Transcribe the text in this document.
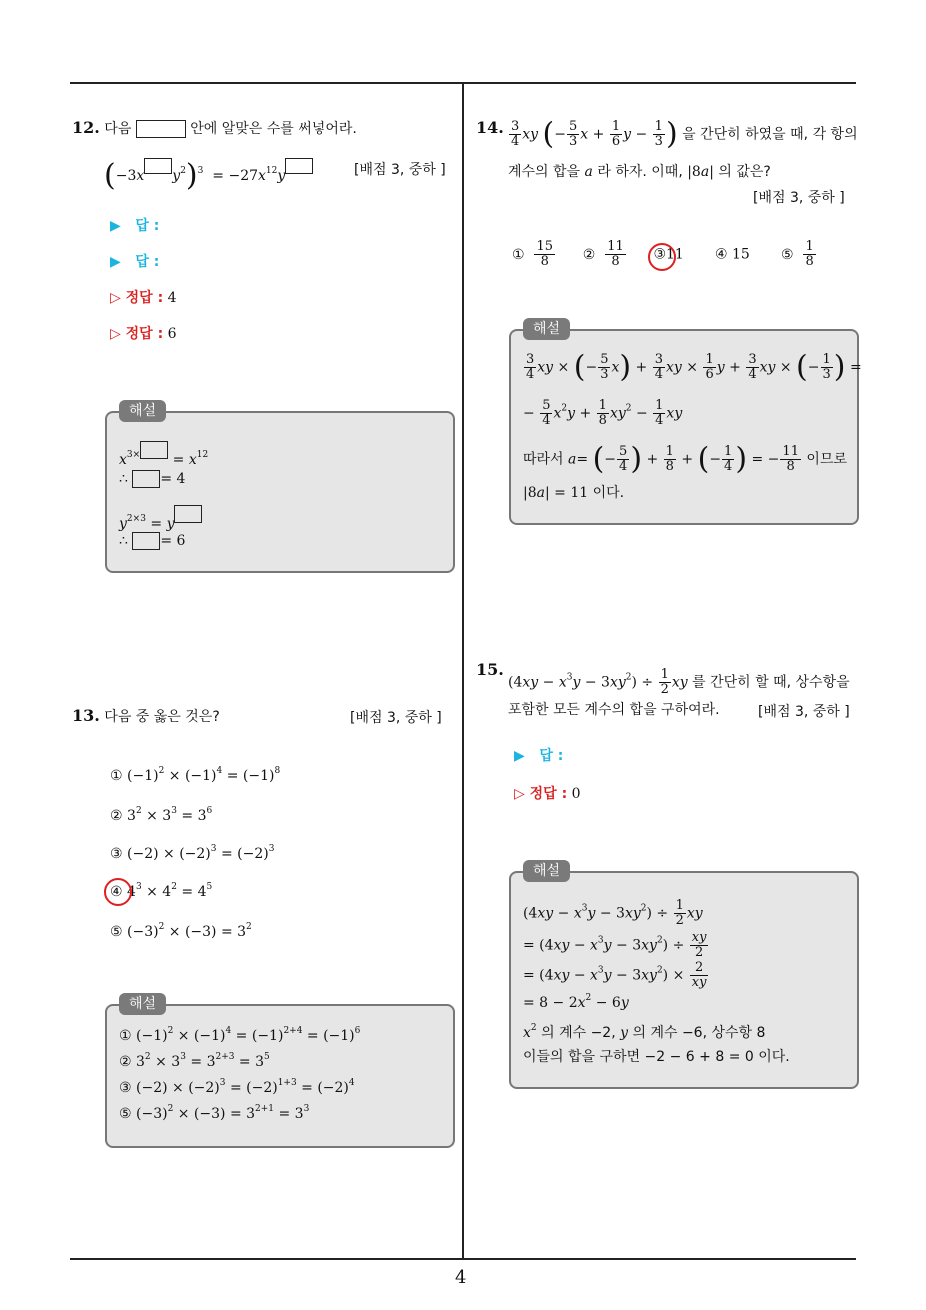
4
12. 다음	안에 알맞은 수를 써넣어라.
(−3x $y^2)^3 = -27x^{12}y$	[배점 3, 중하 ]
▶   답 :
▶   답 :
▷ 정답 : 4
▷ 정답 : 6
해설
$x^{3\times} = x^{12}$
∴ = 4
$y^{2\times 3} = y$
∴ = 6
13. 다음 중 옳은 것은?	[배점 3, 중하 ]
① $(-1)^2 \times (-1)^4 = (-1)^8$
② $3^2 \times 3^3 = 3^6$
③ $(-2) \times (-2)^3 = (-2)^3$
④ $4^3 \times 4^2 = 4^5$
⑤ $(-3)^2 \times (-3) = 3^2$
해설
① $(-1)^2 \times (-1)^4 = (-1)^{2+4} = (-1)^6$
② $3^2 \times 3^3 = 3^{2+3} = 3^5$
③ $(-2) \times (-2)^3 = (-2)^{1+3} = (-2)^4$
⑤ $(-3)^2 \times (-3) = 3^{2+1} = 3^3$
14. $\frac{3}{4}$ xy (− $\frac{5}{3}$ $x + \frac{1}{6}$ $y - \frac{1}{3}$ ) 을 간단히 하였을 때, 각 항의
계수의 합을 a 라 하자. 이때, |8a| 의 값은?
[배점 3, 중하 ]
① $\frac{15}{8}$ ② $\frac{11}{8}$ ③11 ④ 15 ⑤ $\frac{1}{8}$
해설
$\frac{3}{4}$ xy × (− $\frac{5}{3} x) + \frac{3}{4}$ xy × $\frac{1}{6}$ $y + \frac{3}{4}$ xy × (− $\frac{1}{3}$ ) =
− $\frac{5}{4} x^2y + \frac{1}{8} xy^2 - \frac{1}{4}$ xy
따라서 a= (− $\frac{5}{4}$ ) + $\frac{1}{8}$ + (− $\frac{1}{4}$ ) = − $\frac{11}{8}$ 이므로
|8a| = 11 이다.
15.
$(4xy - x^3y - 3xy^2) \div \frac{1}{2}$ xy 를 간단히 할 때, 상수항을
포함한 모든 계수의 합을 구하여라.	[배점 3, 중하 ]
▶   답 :
▷ 정답 : 0
해설
$(4xy - x^3y - 3xy^2) \div \frac{1}{2}$ xy
= $(4xy - x^3y - 3xy^2) \div \frac{xy}{2}$
= $(4xy - x^3y - 3xy^2) \times \frac{2}{xy}$
= $8 - 2x^2 - 6y$
$x^2$ 의 계수 −2, y 의 계수 −6, 상수항 8
이들의 합을 구하면 −2 − 6 + 8 = 0 이다.
